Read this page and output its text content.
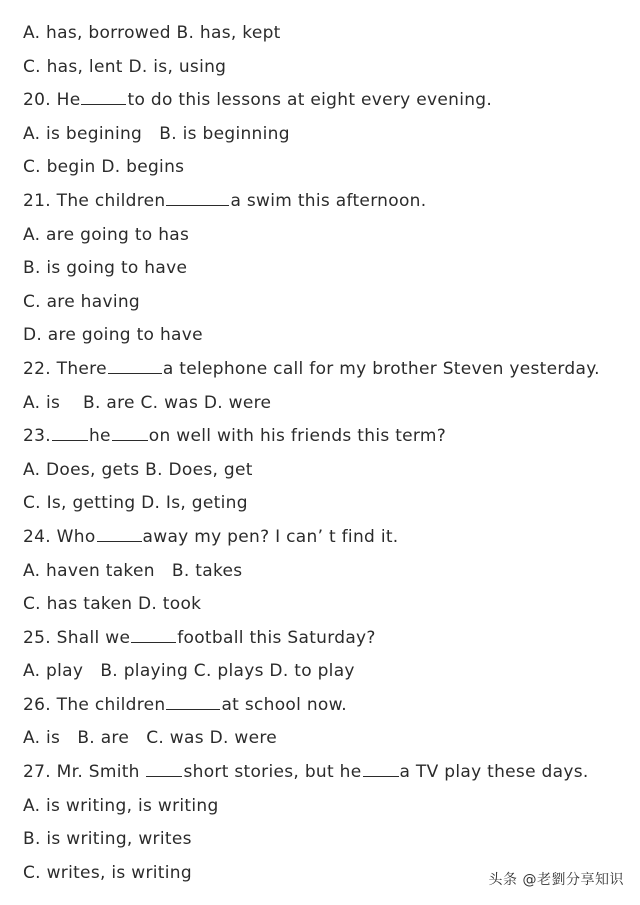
A. has, borrowed B. has, kept
C. has, lent D. is, using
20. He	to do this lessons at eight every evening.
A. is begining   B. is beginning
C. begin D. begins
21. The children	a swim this afternoon.
A. are going to has
B. is going to have
C. are having
D. are going to have
22. There	a telephone call for my brother Steven yesterday.
A. is    B. are C. was D. were
23. he on well with his friends this term?
A. Does, gets B. Does, get
C. Is, getting D. Is, geting
24. Who	away my pen? I can’ t find it.
A. haven taken   B. takes
C. has taken D. took
25. Shall we	football this Saturday?
A. play   B. playing C. plays D. to play
26. The children	at school now.
A. is   B. are   C. was D. were
27. Mr. Smith short stories, but he a TV play these days.
A. is writing, is writing
B. is writing, writes
C. writes, is writing	头条 @老劉分享知识
